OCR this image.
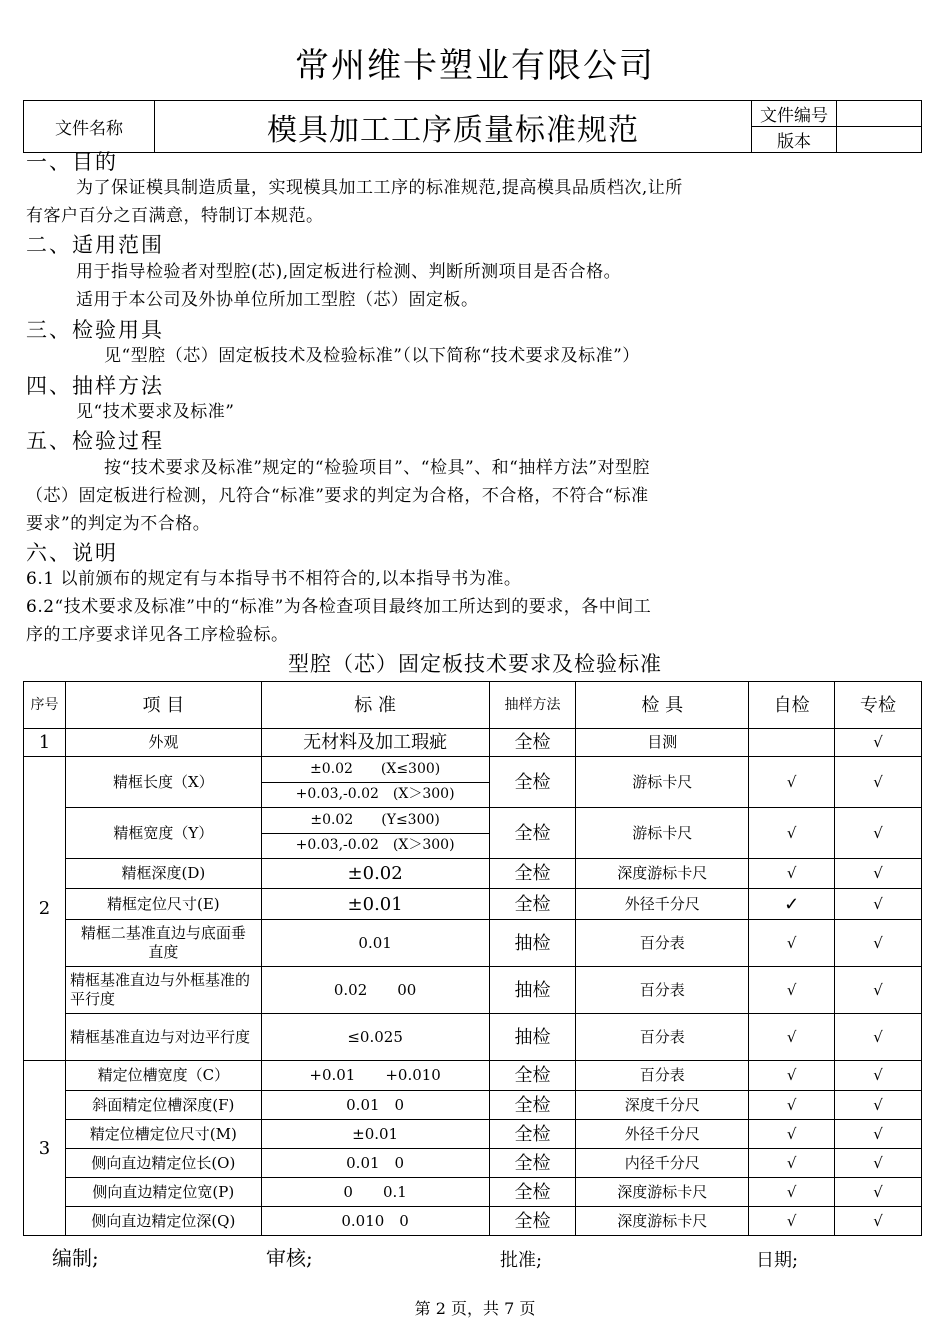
常州维卡塑业有限公司
文件名称	模具加工工序质量标准规范	文件编号	
		版本	
一、目的
为了保证模具制造质量，实现模具加工工序的标准规范,提高模具品质档次,让所
有客户百分之百满意，特制订本规范。
二、适用范围
用于指导检验者对型腔(芯),固定板进行检测、判断所测项目是否合格。
适用于本公司及外协单位所加工型腔（芯）固定板。
三、检验用具
见“型腔（芯）固定板技术及检验标准”（以下简称“技术要求及标准”）
四、抽样方法
见“技术要求及标准”
五、检验过程
按“技术要求及标准”规定的“检验项目”、“检具”、和“抽样方法”对型腔
（芯）固定板进行检测，凡符合“标准”要求的判定为合格，不合格，不符合“标准
要求”的判定为不合格。
六、说明
6.1 以前颁布的规定有与本指导书不相符合的,以本指导书为准。
6.2“技术要求及标准”中的“标准”为各检查项目最终加工所达到的要求，各中间工
序的工序要求详见各工序检验标。
型腔（芯）固定板技术要求及检验标准
序号	项 目	标 准	抽样方法	检 具	自检	专检
1	外观	无材料及加工瑕疵	全检	目测		√
2	精框长度（X）	±0.02　　(X≤300)
+0.03,-0.02　(X＞300)	全检	游标卡尺	√	√
	精框宽度（Y）	±0.02　　(Y≤300)
+0.03,-0.02　(X＞300)	全检	游标卡尺	√	√
	精框深度(D)	±0.02	全检	深度游标卡尺	√	√
	精框定位尺寸(E)	±0.01	全检	外径千分尺	✓	√
	精框二基准直边与底面垂直度	0.01	抽检	百分表	√	√
	精框基准直边与外框基准的平行度	0.02　　00	抽检	百分表	√	√
	精框基准直边与对边平行度	≤0.025	抽检	百分表	√	√
3	精定位槽宽度（C）	+0.01　　+0.010	全检	百分表	√	√
	斜面精定位槽深度(F)	0.01　0	全检	深度千分尺	√	√
	精定位槽定位尺寸(M)	±0.01	全检	外径千分尺	√	√
	侧向直边精定位长(O)	0.01　0	全检	内径千分尺	√	√
	侧向直边精定位宽(P)	0　　0.1	全检	深度游标卡尺	√	√
	侧向直边精定位深(Q)	0.010　0	全检	深度游标卡尺	√	√
编制;	审核;	批准;	日期;
第 2 页，共 7 页
